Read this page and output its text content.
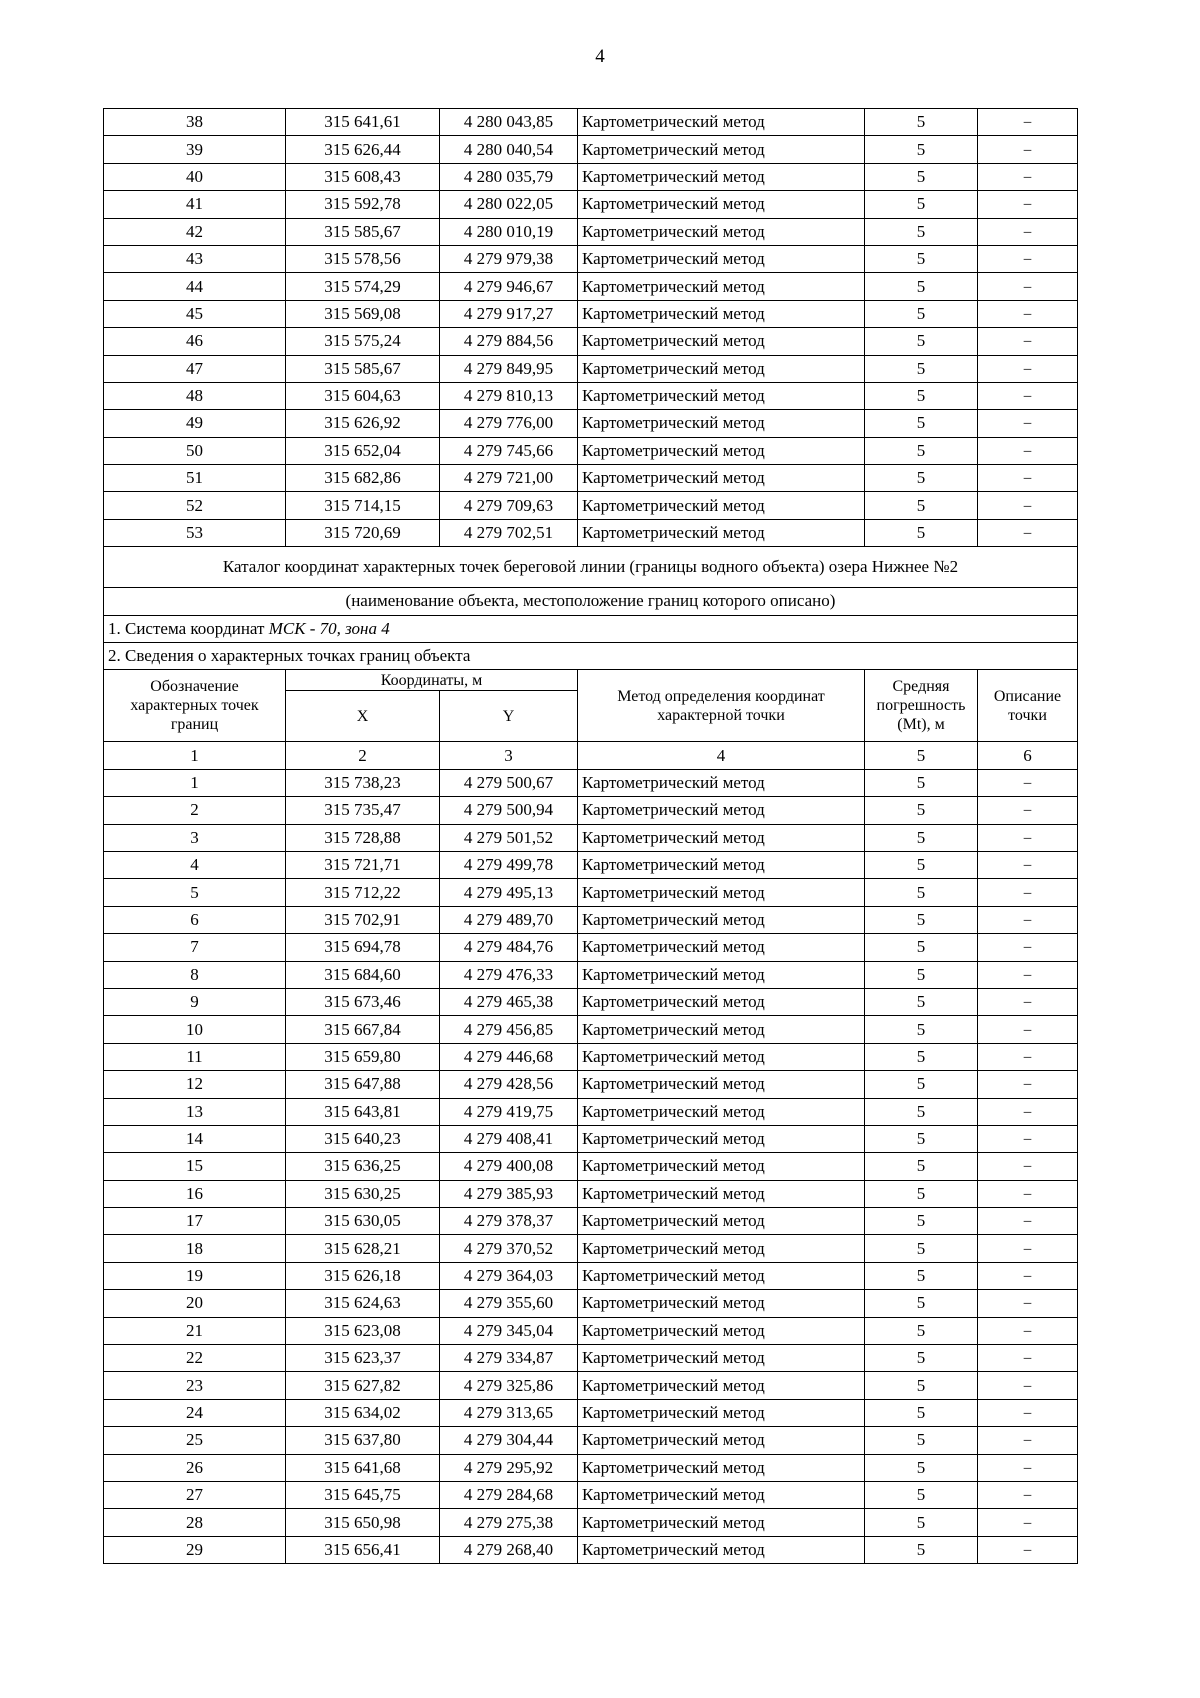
4
38	315 641,61	4 280 043,85	Картометрический метод	5	–
39	315 626,44	4 280 040,54	Картометрический метод	5	–
40	315 608,43	4 280 035,79	Картометрический метод	5	–
41	315 592,78	4 280 022,05	Картометрический метод	5	–
42	315 585,67	4 280 010,19	Картометрический метод	5	–
43	315 578,56	4 279 979,38	Картометрический метод	5	–
44	315 574,29	4 279 946,67	Картометрический метод	5	–
45	315 569,08	4 279 917,27	Картометрический метод	5	–
46	315 575,24	4 279 884,56	Картометрический метод	5	–
47	315 585,67	4 279 849,95	Картометрический метод	5	–
48	315 604,63	4 279 810,13	Картометрический метод	5	–
49	315 626,92	4 279 776,00	Картометрический метод	5	–
50	315 652,04	4 279 745,66	Картометрический метод	5	–
51	315 682,86	4 279 721,00	Картометрический метод	5	–
52	315 714,15	4 279 709,63	Картометрический метод	5	–
53	315 720,69	4 279 702,51	Картометрический метод	5	–
Каталог координат характерных точек береговой линии (границы водного объекта) озера Нижнее №2					
(наименование объекта, местоположение границ которого описано)					
1. Система координат МСК - 70, зона 4					
2. Сведения о характерных точках границ объекта					
Обозначение характерных точек границ	Координаты, м		Метод определения координат характерной точки	Средняя погрешность (Mt), м	Описание точки
	X	Y			
1	2	3	4	5	6
1	315 738,23	4 279 500,67	Картометрический метод	5	–
2	315 735,47	4 279 500,94	Картометрический метод	5	–
3	315 728,88	4 279 501,52	Картометрический метод	5	–
4	315 721,71	4 279 499,78	Картометрический метод	5	–
5	315 712,22	4 279 495,13	Картометрический метод	5	–
6	315 702,91	4 279 489,70	Картометрический метод	5	–
7	315 694,78	4 279 484,76	Картометрический метод	5	–
8	315 684,60	4 279 476,33	Картометрический метод	5	–
9	315 673,46	4 279 465,38	Картометрический метод	5	–
10	315 667,84	4 279 456,85	Картометрический метод	5	–
11	315 659,80	4 279 446,68	Картометрический метод	5	–
12	315 647,88	4 279 428,56	Картометрический метод	5	–
13	315 643,81	4 279 419,75	Картометрический метод	5	–
14	315 640,23	4 279 408,41	Картометрический метод	5	–
15	315 636,25	4 279 400,08	Картометрический метод	5	–
16	315 630,25	4 279 385,93	Картометрический метод	5	–
17	315 630,05	4 279 378,37	Картометрический метод	5	–
18	315 628,21	4 279 370,52	Картометрический метод	5	–
19	315 626,18	4 279 364,03	Картометрический метод	5	–
20	315 624,63	4 279 355,60	Картометрический метод	5	–
21	315 623,08	4 279 345,04	Картометрический метод	5	–
22	315 623,37	4 279 334,87	Картометрический метод	5	–
23	315 627,82	4 279 325,86	Картометрический метод	5	–
24	315 634,02	4 279 313,65	Картометрический метод	5	–
25	315 637,80	4 279 304,44	Картометрический метод	5	–
26	315 641,68	4 279 295,92	Картометрический метод	5	–
27	315 645,75	4 279 284,68	Картометрический метод	5	–
28	315 650,98	4 279 275,38	Картометрический метод	5	–
29	315 656,41	4 279 268,40	Картометрический метод	5	–
